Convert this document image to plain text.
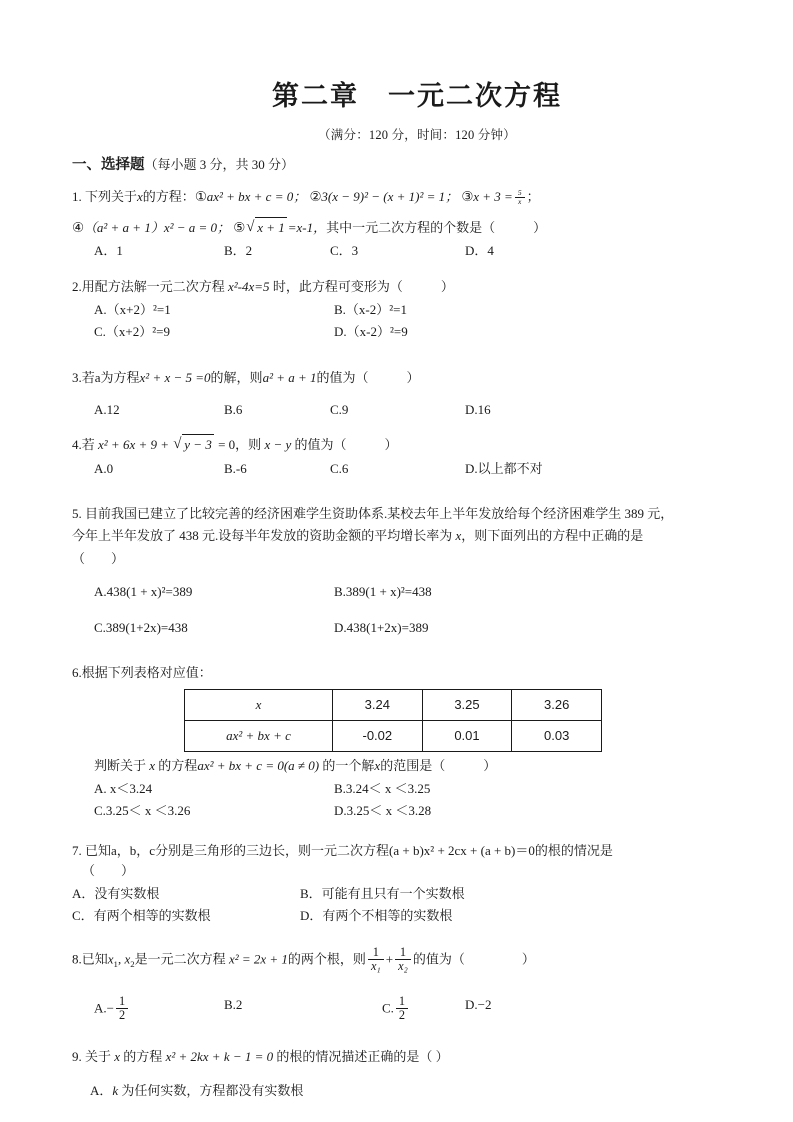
第二章　一元二次方程
（满分：120 分，时间：120 分钟）
一、选择题（每小题 3 分，共 30 分）
1. 下列关于x的方程：①ax² + bx + c = 0； ②3(x − 9)² − (x + 1)² = 1； ③x + $3 = \frac{5}{x}$ ；
④（a² + a + 1）x² − a = 0； ⑤ √ x + 1 =x-1，其中一元二次方程的个数是（　　	）
A．1	B．2	C．3	D．4
2.用配方法解一元二次方程 x²-4x=5 时，此方程可变形为（　　	）
A.（x+2）²=1	B.（x-2）²=1
C.（x+2）²=9	D.（x-2）²=9
3.若a为方程x² + x − 5 =0的解，则a² + a + 1的值为（　　	）
A.12	B.6	C.9	D.16
4.若 x² + 6x + 9 + √ y − 3 = 0，则 x − y 的值为（　　	）
A.0	B.-6	C.6	D.以上都不对
5. 目前我国已建立了比较完善的经济困难学生资助体系.某校去年上半年发放给每个经济困难学生 389 元，
今年上半年发放了 438 元.设每半年发放的资助金额的平均增长率为 x，则下面列出的方程中正确的是
（　　）
A.438(1 + x)²=389	B.389(1 + x)²=438
C.389(1+2x)=438	D.438(1+2x)=389
6.根据下列表格对应值：
x	3.24	3.25	3.26
ax² + bx + c	-0.02	0.01	0.03
判断关于 x 的方程ax² + bx + c = 0(a ≠ 0) 的一个解x的范围是（　　	）
A. x＜3.24	B.3.24＜ x ＜3.25
C.3.25＜ x ＜3.26	D.3.25＜ x ＜3.28
7. 已知a，b，c分别是三角形的三边长，则一元二次方程(a + b)x² + 2cx + (a + b)＝0的根的情况是
（　　）
A．没有实数根	B．可能有且只有一个实数根
C．有两个相等的实数根	D．有两个不相等的实数根
8.已知$x_1$, $x_2$是一元二次方程 x² = 2x + 1的两个根，则 $\frac{1}{\text{x₁}} + \frac{1}{\text{x₂}}$ 的值为（　　　	）
$A.- \frac{1}{2}$	B.2	C. $\frac{1}{2}$	D.−2
9. 关于 x 的方程 x² + 2kx + k − 1 = 0 的根的情况描述正确的是（ ）
A．k 为任何实数，方程都没有实数根
